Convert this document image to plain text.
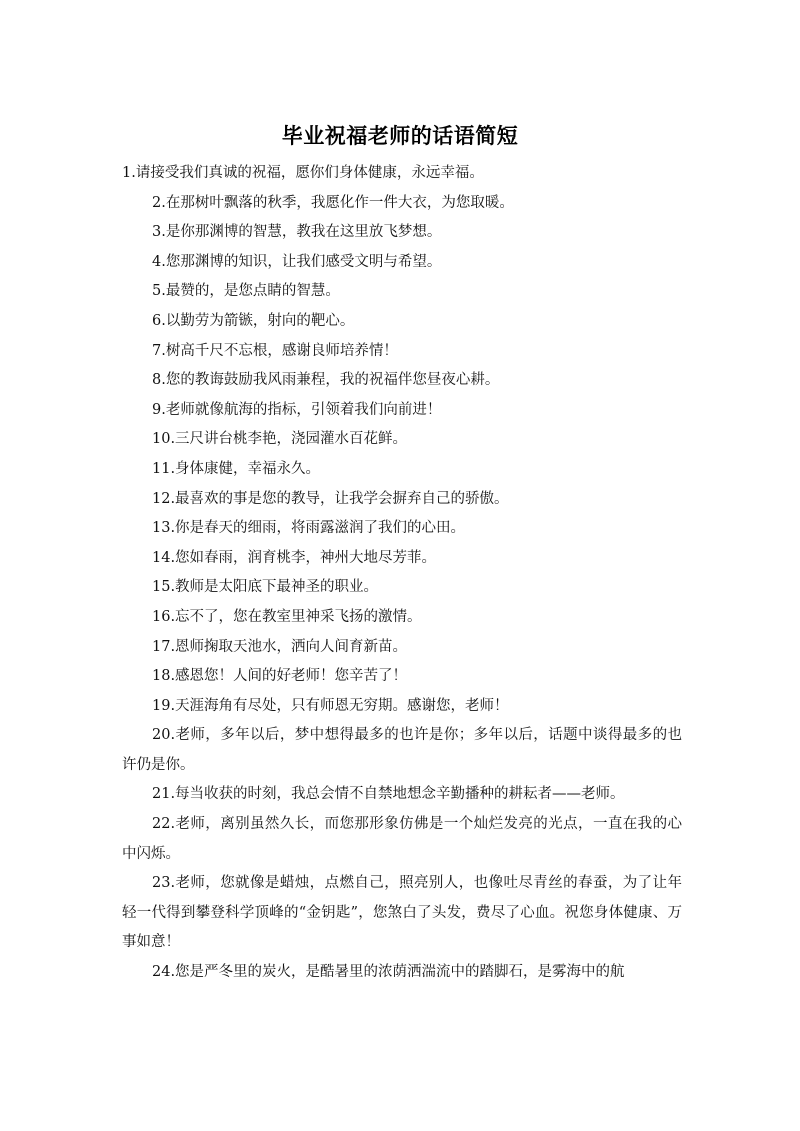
毕业祝福老师的话语简短

1.请接受我们真诚的祝福，愿你们身体健康，永远幸福。

2.在那树叶飘落的秋季，我愿化作一件大衣，为您取暖。

3.是你那渊博的智慧，教我在这里放飞梦想。

4.您那渊博的知识，让我们感受文明与希望。

5.最赞的，是您点睛的智慧。

6.以勤劳为箭镞，射向的靶心。

7.树高千尺不忘根，感谢良师培养情！

8.您的教诲鼓励我风雨兼程，我的祝福伴您昼夜心耕。

9.老师就像航海的指标，引领着我们向前进！

10.三尺讲台桃李艳，浇园灌水百花鲜。

11.身体康健，幸福永久。

12.最喜欢的事是您的教导，让我学会摒弃自己的骄傲。

13.你是春天的细雨，将雨露滋润了我们的心田。

14.您如春雨，润育桃李，神州大地尽芳菲。

15.教师是太阳底下最神圣的职业。

16.忘不了，您在教室里神采飞扬的激情。

17.恩师掬取天池水，洒向人间育新苗。

18.感恩您！人间的好老师！您辛苦了！

19.天涯海角有尽处，只有师恩无穷期。感谢您，老师！

20.老师，多年以后，梦中想得最多的也许是你；多年以后，话题中谈得最多的也许仍是你。

21.每当收获的时刻，我总会情不自禁地想念辛勤播种的耕耘者——老师。

22.老师，离别虽然久长，而您那形象仿佛是一个灿烂发亮的光点，一直在我的心中闪烁。

23.老师，您就像是蜡烛，点燃自己，照亮别人，也像吐尽青丝的春蚕，为了让年轻一代得到攀登科学顶峰的“金钥匙”，您煞白了头发，费尽了心血。祝您身体健康、万事如意！

24.您是严冬里的炭火，是酷暑里的浓荫洒湍流中的踏脚石，是雾海中的航
